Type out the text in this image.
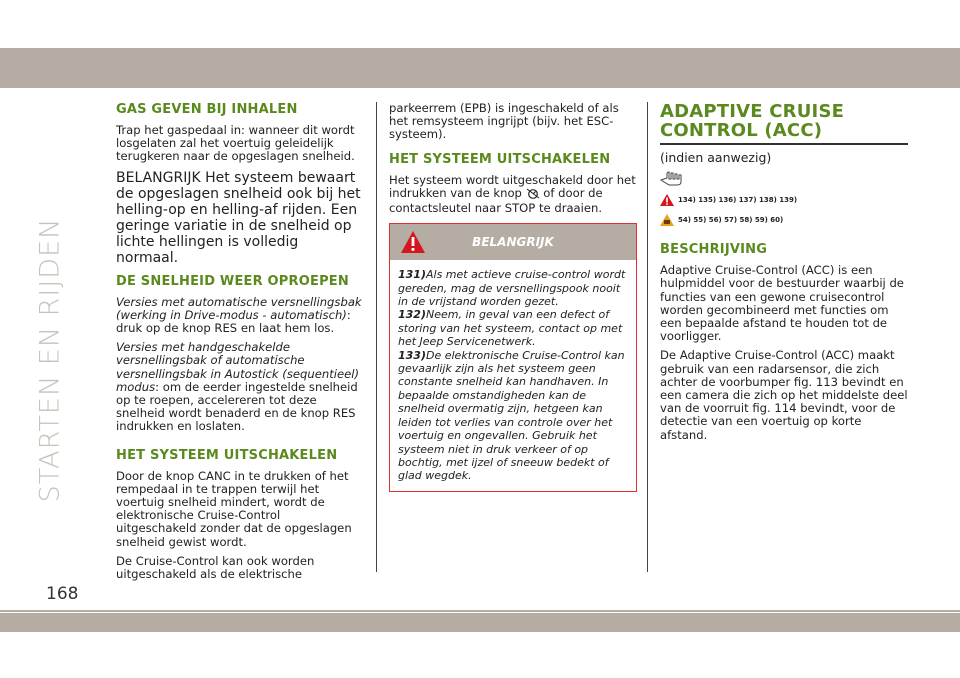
STARTEN EN RIJDEN
GAS GEVEN BIJ INHALEN

Trap het gaspedaal in: wanneer dit wordt losgelaten zal het voertuig geleidelijk terugkeren naar de opgeslagen snelheid.

BELANGRIJK Het systeem bewaart de opgeslagen snelheid ook bij het helling-op en helling-af rijden. Een geringe variatie in de snelheid op lichte hellingen is volledig normaal.

DE SNELHEID WEER OPROEPEN

Versies met automatische versnellingsbak (werking in Drive-modus - automatisch): druk op de knop RES en laat hem los.

Versies met handgeschakelde versnellingsbak of automatische versnellingsbak in Autostick (sequentieel) modus: om de eerder ingestelde snelheid op te roepen, accelereren tot deze snelheid wordt benaderd en de knop RES indrukken en loslaten.

HET SYSTEEM UITSCHAKELEN

Door de knop CANC in te drukken of het rempedaal in te trappen terwijl het voertuig snelheid mindert, wordt de elektronische Cruise-Control uitgeschakeld zonder dat de opgeslagen snelheid gewist wordt.

De Cruise-Control kan ook worden uitgeschakeld als de elektrische

parkeerrem (EPB) is ingeschakeld of als het remsysteem ingrijpt (bijv. het ESC-systeem).

HET SYSTEEM UITSCHAKELEN

Het systeem wordt uitgeschakeld door het indrukken van de knop of door de contactsleutel naar STOP te draaien.

BELANGRIJK

131)Als met actieve cruise-control wordt gereden, mag de versnellingspook nooit in de vrijstand worden gezet.

132)Neem, in geval van een defect of storing van het systeem, contact op met het Jeep Servicenetwerk.

133)De elektronische Cruise-Control kan gevaarlijk zijn als het systeem geen constante snelheid kan handhaven. In bepaalde omstandigheden kan de snelheid overmatig zijn, hetgeen kan leiden tot verlies van controle over het voertuig en ongevallen. Gebruik het systeem niet in druk verkeer of op bochtig, met ijzel of sneeuw bedekt of glad wegdek.

ADAPTIVE CRUISE
CONTROL (ACC)

(indien aanwezig)

134) 135) 136) 137) 138) 139)
54) 55) 56) 57) 58) 59) 60)
BESCHRIJVING

Adaptive Cruise-Control (ACC) is een hulpmiddel voor de bestuurder waarbij de functies van een gewone cruisecontrol worden gecombineerd met functies om een bepaalde afstand te houden tot de voorligger.

De Adaptive Cruise-Control (ACC) maakt gebruik van een radarsensor, die zich achter de voorbumper fig. 113 bevindt en een camera die zich op het middelste deel van de voorruit fig. 114 bevindt, voor de detectie van een voertuig op korte afstand.

168
